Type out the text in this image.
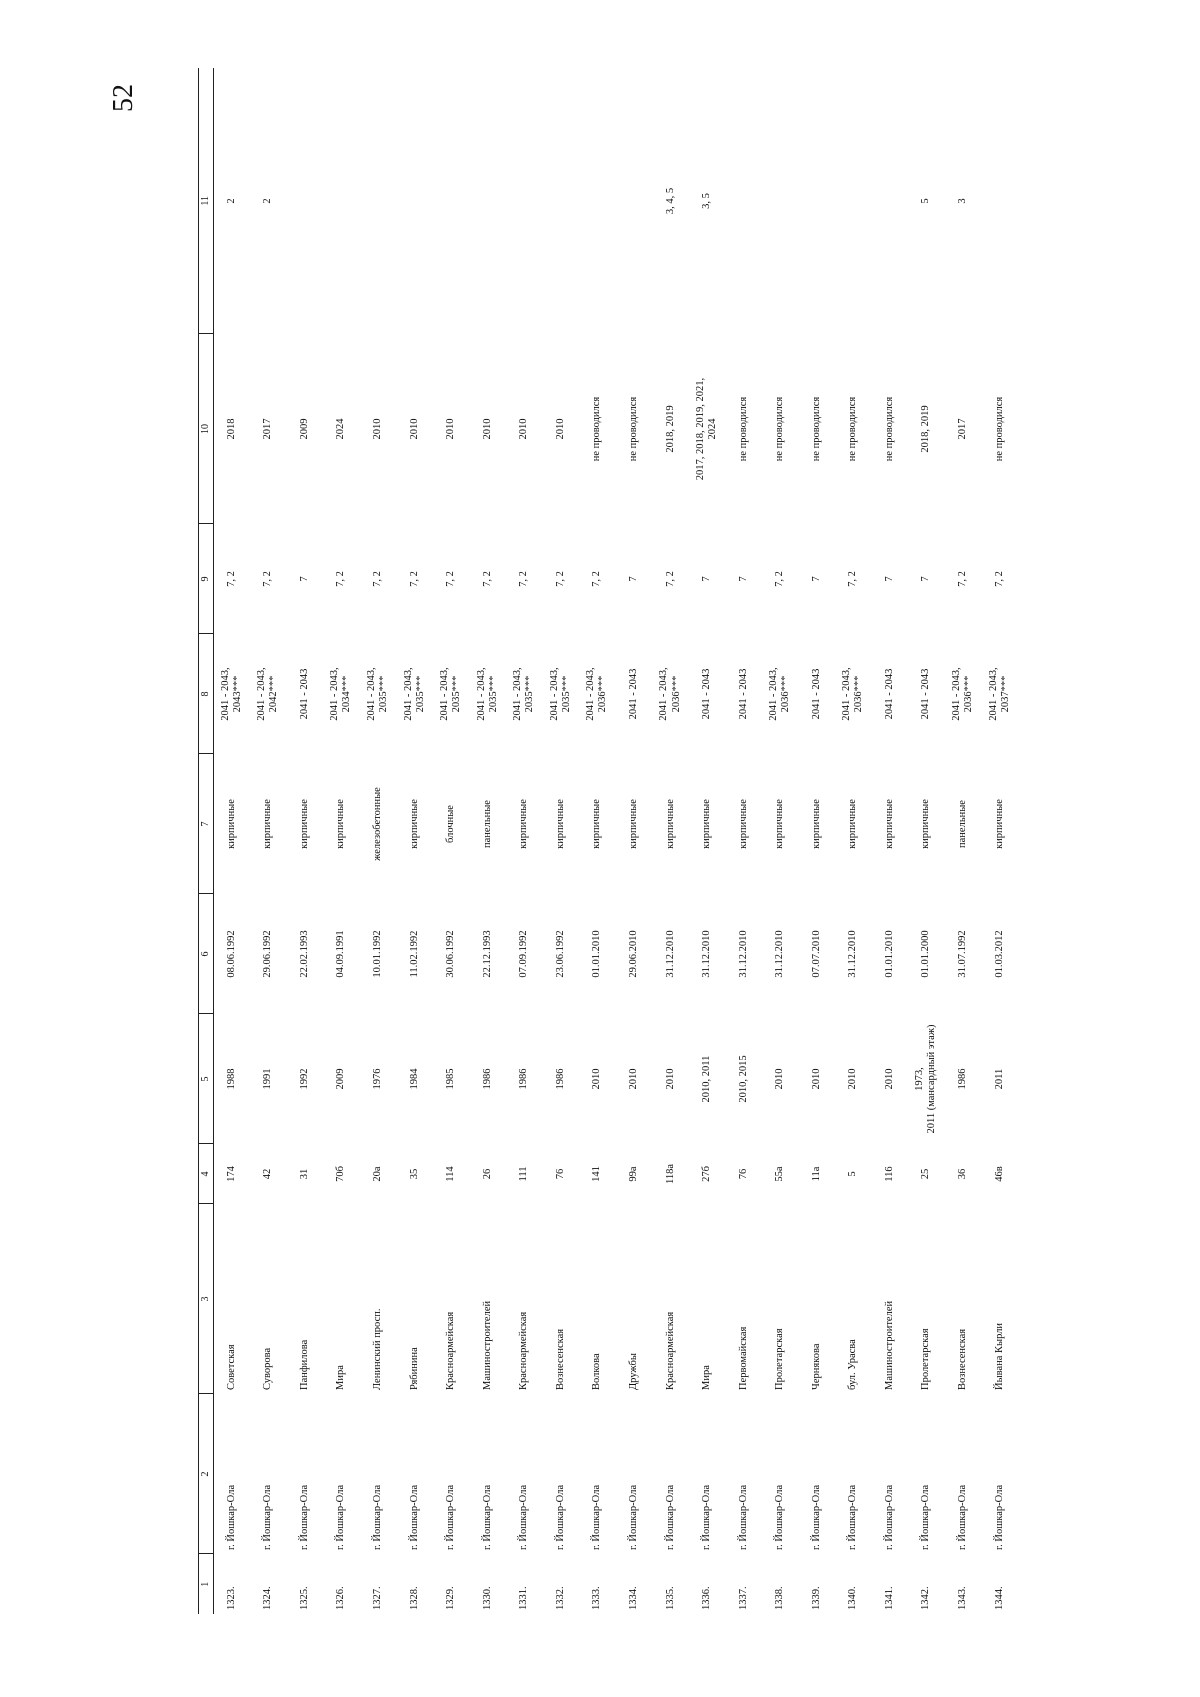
52
1	2	3	4	5	6	7	8	9	10	11
1323.	г. Йошкар-Ола	Советская	174	1988	08.06.1992	кирпичные	2041 - 2043, 2043***	7, 2	2018	2
1324.	г. Йошкар-Ола	Суворова	42	1991	29.06.1992	кирпичные	2041 - 2043, 2042***	7, 2	2017	2
1325.	г. Йошкар-Ола	Панфилова	31	1992	22.02.1993	кирпичные	2041 - 2043	7	2009	

1326.	г. Йошкар-Ола	Мира	70б	2009	04.09.1991	кирпичные	2041 - 2043, 2034***	7, 2	2024	

1327.	г. Йошкар-Ола	Ленинский просп.	20а	1976	10.01.1992	железобетонные	2041 - 2043, 2035***	7, 2	2010	

1328.	г. Йошкар-Ола	Рябинина	35	1984	11.02.1992	кирпичные	2041 - 2043, 2035***	7, 2	2010	

1329.	г. Йошкар-Ола	Красноармейская	114	1985	30.06.1992	блочные	2041 - 2043, 2035***	7, 2	2010	

1330.	г. Йошкар-Ола	Машиностроителей	26	1986	22.12.1993	панельные	2041 - 2043, 2035***	7, 2	2010	

1331.	г. Йошкар-Ола	Красноармейская	111	1986	07.09.1992	кирпичные	2041 - 2043, 2035***	7, 2	2010	

1332.	г. Йошкар-Ола	Вознесенская	76	1986	23.06.1992	кирпичные	2041 - 2043, 2035***	7, 2	2010	

1333.	г. Йошкар-Ола	Волкова	141	2010	01.01.2010	кирпичные	2041 - 2043, 2036***	7, 2	не проводился	

1334.	г. Йошкар-Ола	Дружбы	99а	2010	29.06.2010	кирпичные	2041 - 2043	7	не проводился	

1335.	г. Йошкар-Ола	Красноармейская	118а	2010	31.12.2010	кирпичные	2041 - 2043, 2036***	7, 2	2018, 2019	3, 4, 5
1336.	г. Йошкар-Ола	Мира	27б	2010, 2011	31.12.2010	кирпичные	2041 - 2043	7	2017, 2018, 2019, 2021, 2024	3, 5
1337.	г. Йошкар-Ола	Первомайская	76	2010, 2015	31.12.2010	кирпичные	2041 - 2043	7	не проводился	

1338.	г. Йошкар-Ола	Пролетарская	55а	2010	31.12.2010	кирпичные	2041 - 2043, 2036***	7, 2	не проводился	

1339.	г. Йошкар-Ола	Чернякова	11а	2010	07.07.2010	кирпичные	2041 - 2043	7	не проводился	

1340.	г. Йошкар-Ола	бул. Урасва	5	2010	31.12.2010	кирпичные	2041 - 2043, 2036***	7, 2	не проводился	

1341.	г. Йошкар-Ола	Машиностроителей	116	2010	01.01.2010	кирпичные	2041 - 2043	7	не проводился	

1342.	г. Йошкар-Ола	Пролетарская	25	1973, 2011 (мансардный этаж)	01.01.2000	кирпичные	2041 - 2043	7	2018, 2019	5
1343.	г. Йошкар-Ола	Вознесенская	36	1986	31.07.1992	панельные	2041 - 2043, 2036***	7, 2	2017	3
1344.	г. Йошкар-Ола	Йывана Кырли	46в	2011	01.03.2012	кирпичные	2041 - 2043, 2037***	7, 2	не проводился	
